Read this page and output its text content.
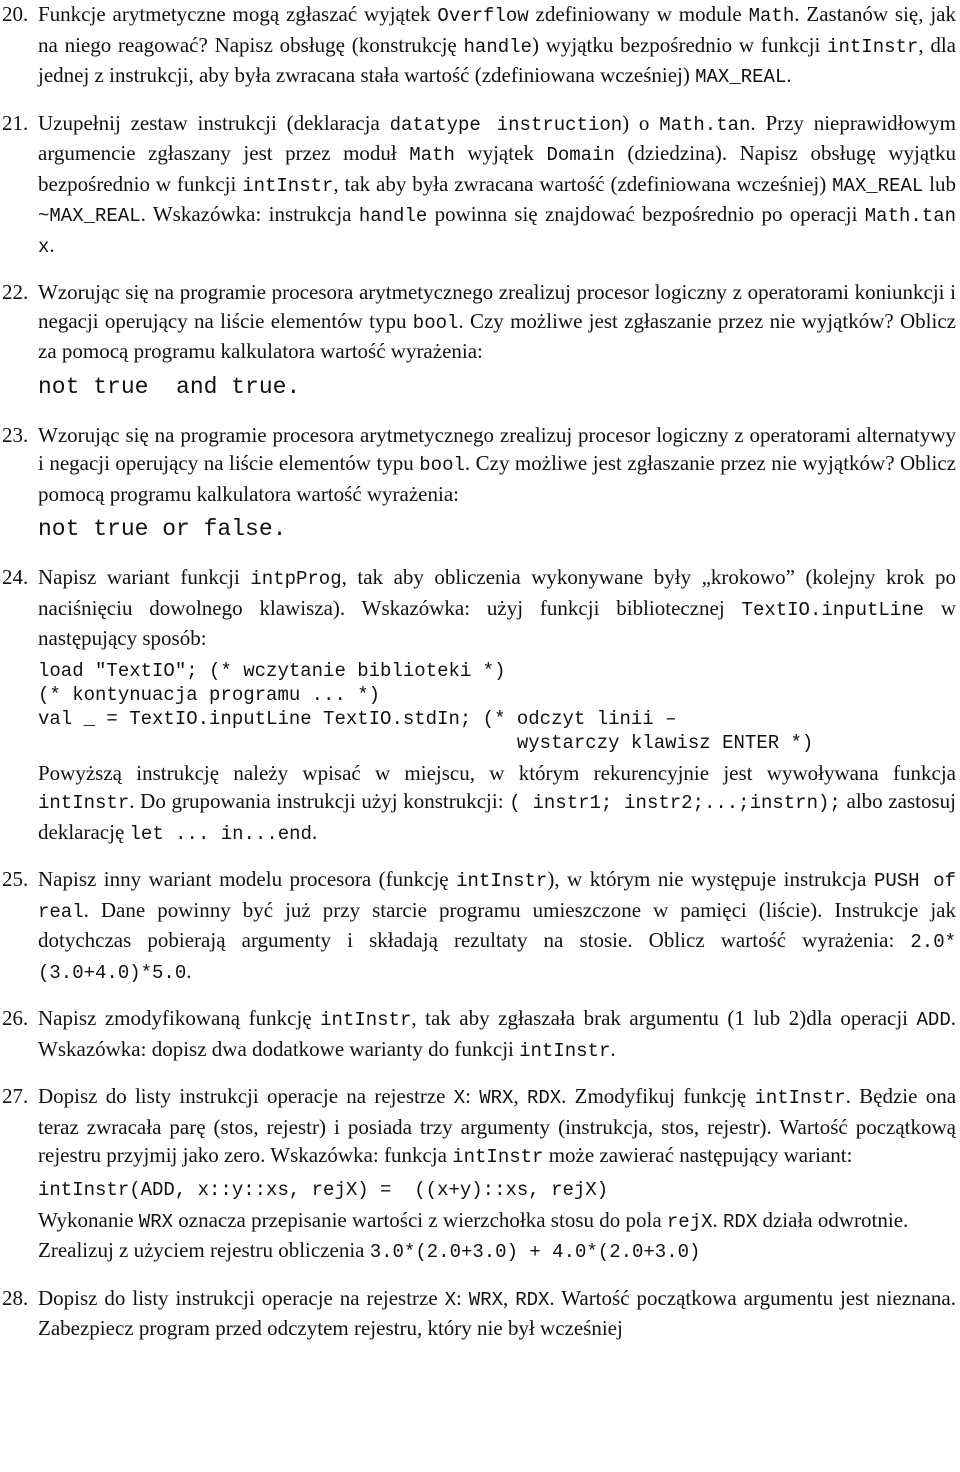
20. Funkcje arytmetyczne mogą zgłaszać wyjątek Overflow zdefiniowany w module Math. Zastanów się, jak na niego reagować? Napisz obsługę (konstrukcję handle) wyjątku bezpośrednio w funkcji intInstr, dla jednej z instrukcji, aby była zwracana stała wartość (zdefiniowana wcześniej) MAX_REAL.

21. Uzupełnij zestaw instrukcji (deklaracja datatype instruction) o Math.tan. Przy nieprawidłowym argumencie zgłaszany jest przez moduł Math wyjątek Domain (dziedzina). Napisz obsługę wyjątku bezpośrednio w funkcji intInstr, tak aby była zwracana wartość (zdefiniowana wcześniej) MAX_REAL lub ~MAX_REAL. Wskazówka: instrukcja handle powinna się znajdować bezpośrednio po operacji Math.tan x.

22. Wzorując się na programie procesora arytmetycznego zrealizuj procesor logiczny z operatorami koniunkcji i negacji operujący na liście elementów typu bool. Czy możliwe jest zgłaszanie przez nie wyjątków? Oblicz za pomocą programu kalkulatora wartość wyrażenia:

not true  and true.
23. Wzorując się na programie procesora arytmetycznego zrealizuj procesor logiczny z operatorami alternatywy i negacji operujący na liście elementów typu bool. Czy możliwe jest zgłaszanie przez nie wyjątków? Oblicz pomocą programu kalkulatora wartość wyrażenia:

not true or false.
24. Napisz wariant funkcji intpProg, tak aby obliczenia wykonywane były „krokowo” (kolejny krok po naciśnięciu dowolnego klawisza). Wskazówka: użyj funkcji bibliotecznej TextIO.inputLine w następujący sposób:

load "TextIO"; (* wczytanie biblioteki *)
(* kontynuacja programu ... *)
val _ = TextIO.inputLine TextIO.stdIn; (* odczyt linii –
wystarczy klawisz ENTER *)

Powyższą instrukcję należy wpisać w miejscu, w którym rekurencyjnie jest wywoływana funkcja intInstr. Do grupowania instrukcji użyj konstrukcji: ( instr1; instr2;...;instrn); albo zastosuj deklarację let ... in...end.

25. Napisz inny wariant modelu procesora (funkcję intInstr), w którym nie występuje instrukcja PUSH of real. Dane powinny być już przy starcie programu umieszczone w pamięci (liście). Instrukcje jak dotychczas pobierają argumenty i składają rezultaty na stosie. Oblicz wartość wyrażenia: 2.0*(3.0+4.0)*5.0.

26. Napisz zmodyfikowaną funkcję intInstr, tak aby zgłaszała brak argumentu (1 lub 2)dla operacji ADD. Wskazówka: dopisz dwa dodatkowe warianty do funkcji intInstr.

27. Dopisz do listy instrukcji operacje na rejestrze X: WRX, RDX. Zmodyfikuj funkcję intInstr. Będzie ona teraz zwracała parę (stos, rejestr) i posiada trzy argumenty (instrukcja, stos, rejestr). Wartość początkową rejestru przyjmij jako zero. Wskazówka: funkcja intInstr może zawierać następujący wariant:

intInstr(ADD, x::y::xs, rejX) =  ((x+y)::xs, rejX)

Wykonanie WRX oznacza przepisanie wartości z wierzchołka stosu do pola rejX. RDX działa odwrotnie.

Zrealizuj z użyciem rejestru obliczenia 3.0*(2.0+3.0) + 4.0*(2.0+3.0)

28. Dopisz do listy instrukcji operacje na rejestrze X: WRX, RDX. Wartość początkowa argumentu jest nieznana. Zabezpiecz program przed odczytem rejestru, który nie był wcześniej
